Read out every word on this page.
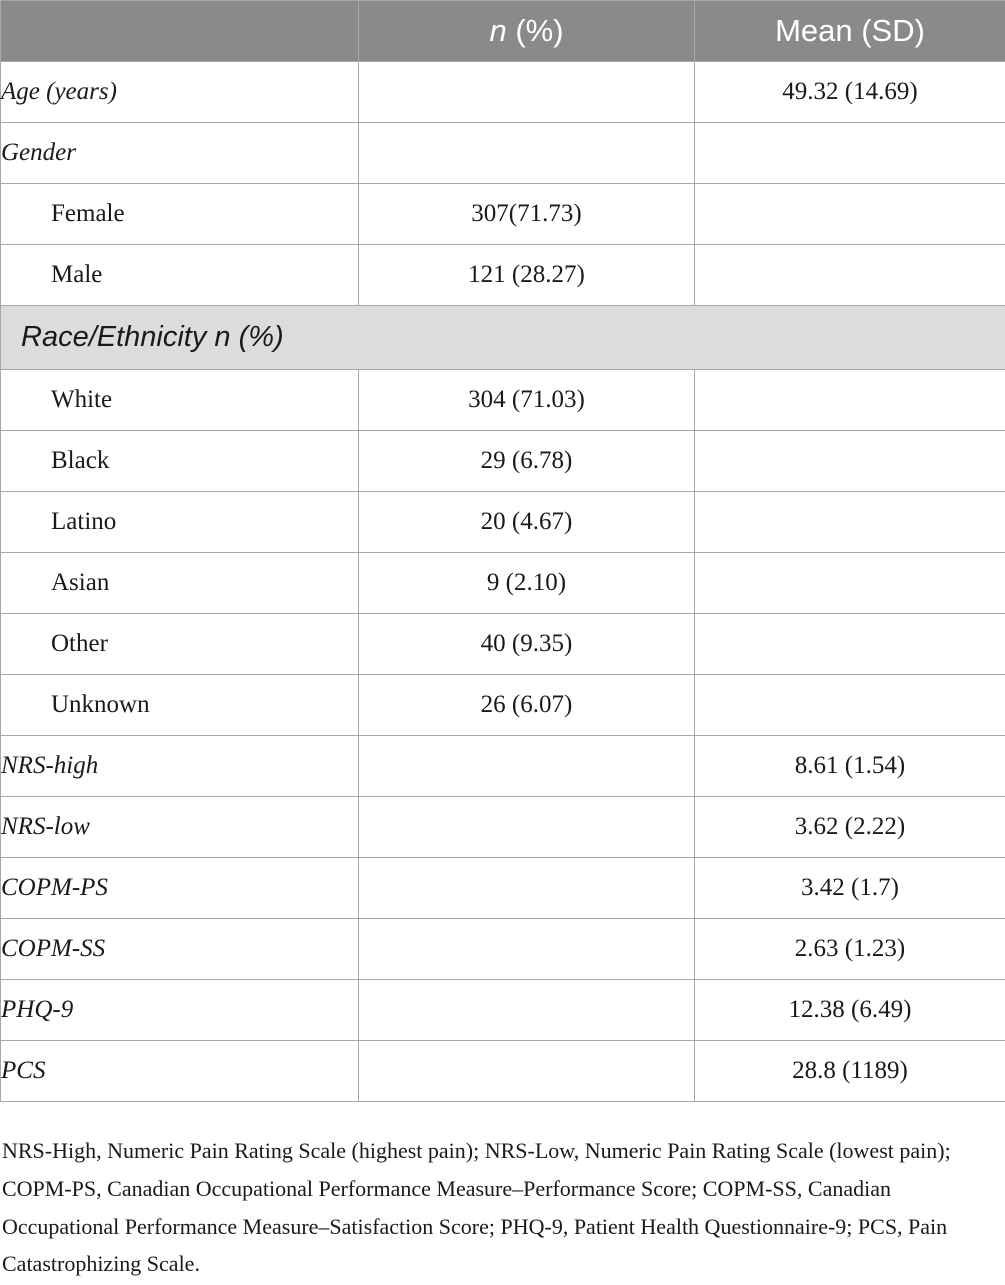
	n (%)	Mean (SD)
Age (years)		49.32 (14.69)
Gender		
Female	307(71.73)	
Male	121 (28.27)	
Race/Ethnicity n (%)		
White	304 (71.03)	
Black	29 (6.78)	
Latino	20 (4.67)	
Asian	9 (2.10)	
Other	40 (9.35)	
Unknown	26 (6.07)	
NRS-high		8.61 (1.54)
NRS-low		3.62 (2.22)
COPM-PS		3.42 (1.7)
COPM-SS		2.63 (1.23)
PHQ-9		12.38 (6.49)
PCS		28.8 (1189)

NRS-High, Numeric Pain Rating Scale (highest pain); NRS-Low, Numeric Pain Rating Scale (lowest pain); COPM-PS, Canadian Occupational Performance Measure–Performance Score; COPM-SS, Canadian Occupational Performance Measure–Satisfaction Score; PHQ-9, Patient Health Questionnaire-9; PCS, Pain Catastrophizing Scale.
